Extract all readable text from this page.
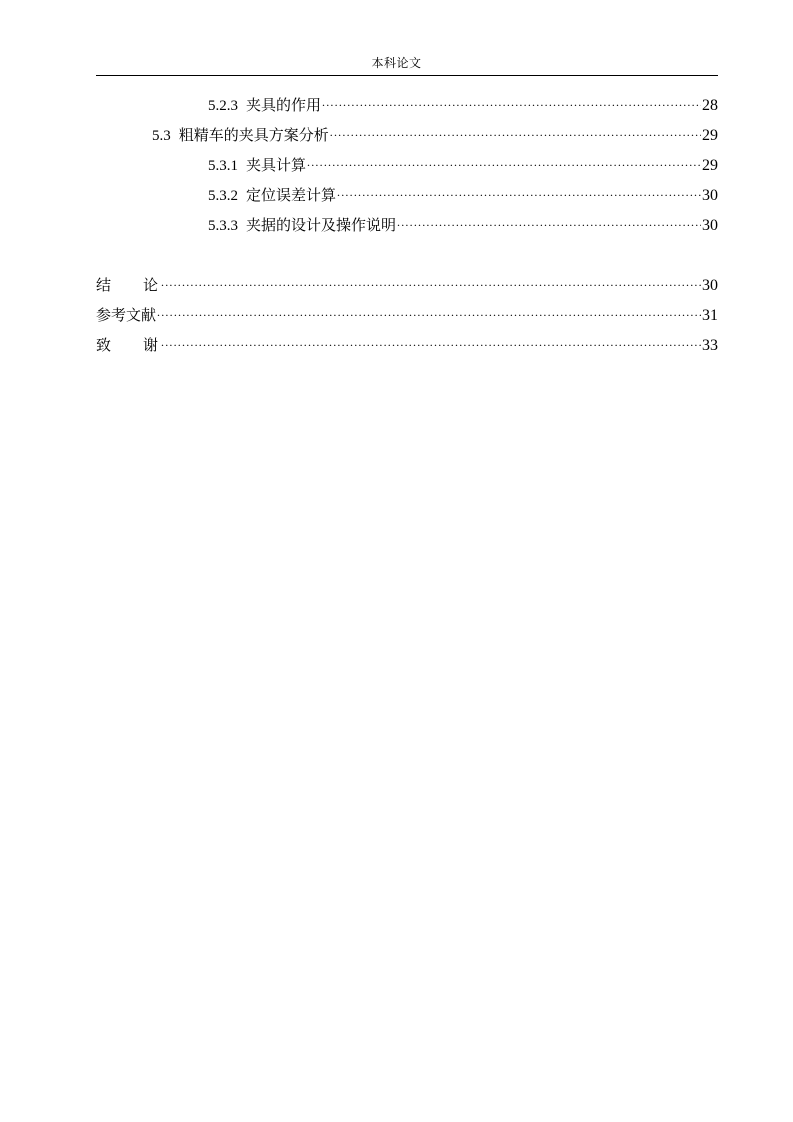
本科论文
5.2.3 夹具的作用 .....	28
5.3 粗精车的夹具方案分析 .....	29
5.3.1 夹具计算 .....	29
5.3.2 定位误差计算 .....	30
5.3.3 夹据的设计及操作说明 .....	30
结论 .....	30
参考文献 .....	31
致谢 .....	33
